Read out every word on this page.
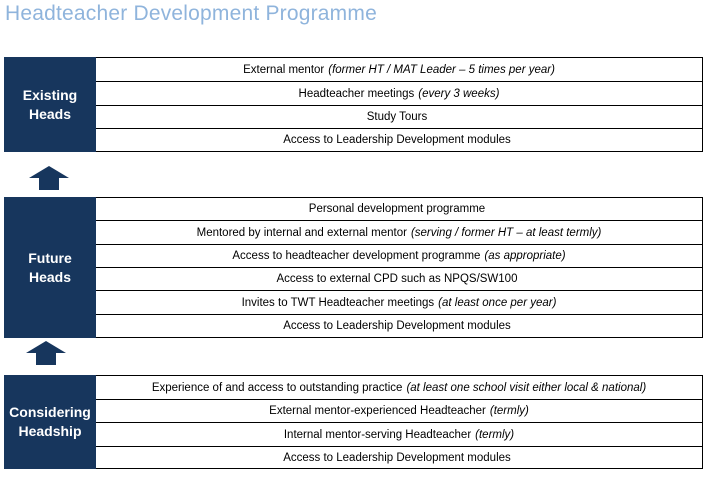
Headteacher Development Programme
Existing
Heads
External mentor (former HT / MAT Leader – 5 times per year)
Headteacher meetings (every 3 weeks)
Study Tours
Access to Leadership Development modules
Future
Heads
Personal development programme
Mentored by internal and external mentor (serving / former HT – at least termly)
Access to headteacher development programme (as appropriate)
Access to external CPD such as NPQS/SW100
Invites to TWT Headteacher meetings (at least once per year)
Access to Leadership Development modules
Considering
Headship
Experience of and access to outstanding practice (at least one school visit either local & national)
External mentor-experienced Headteacher (termly)
Internal mentor-serving Headteacher (termly)
Access to Leadership Development modules
